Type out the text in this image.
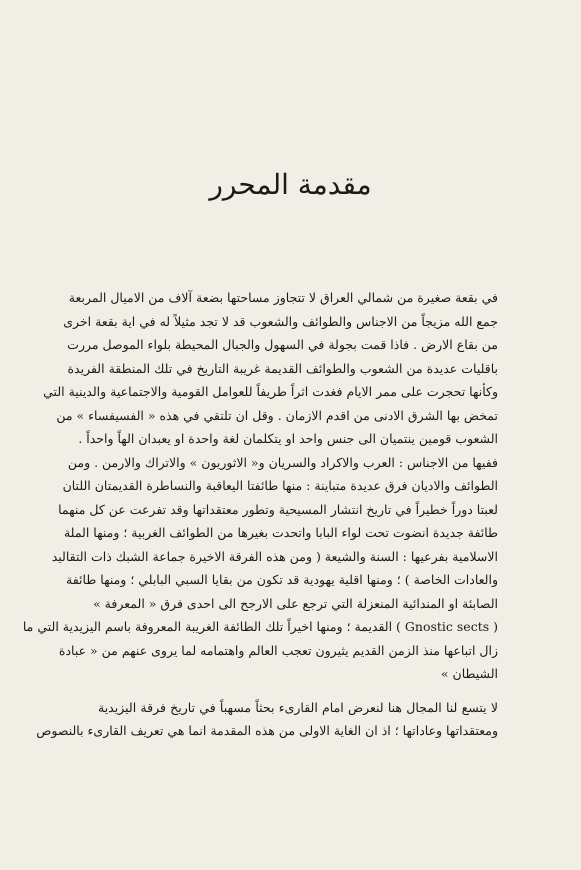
مقدمة المحرر
في بقعة صغيرة من شمالي العراق لا تتجاوز مساحتها بضعة آلاف من الاميال المربعة
جمع الله مزيجاً من الاجناس والطوائف والشعوب قد لا تجد مثيلاً له في اية بقعة اخرى
من بقاع الارض . فاذا قمت بجولة في السهول والجبال المحيطة بلواء الموصل مررت
باقليات عديدة من الشعوب والطوائف القديمة غريبة التاريخ في تلك المنطقة الفريدة
وكأنها تحجرت على ممر الايام فغدت اثراً طريفاً للعوامل القومية والاجتماعية والدينية التي
تمخض بها الشرق الادنى من اقدم الازمان . وقل ان تلتقي في هذه « الفسيفساء » من
الشعوب قومين ينتميان الى جنس واحد او يتكلمان لغة واحدة او يعبدان الهاً واحداً .
ففيها من الاجناس : العرب والاكراد والسريان و« الاثوريون » والاتراك والارمن . ومن
الطوائف والاديان فرق عديدة متباينة : منها طائفتا اليعاقبة والنساطرة القديمتان اللتان
لعبتا دوراً خطيراً في تاريخ انتشار المسيحية وتطور معتقداتها وقد تفرعت عن كل منهما
طائفة جديدة انضوت تحت لواء البابا واتحدت بغيرها من الطوائف الغربية ؛ ومنها الملة
الاسلامية بفرعيها : السنة والشيعة ( ومن هذه الفرقة الاخيرة جماعة الشبك ذات التقاليد
والعادات الخاصة ) ؛ ومنها اقلية يهودية قد تكون من بقايا السبي البابلي ؛ ومنها طائفة
الصابئة او المندائية المنعزلة التي ترجع على الارجح الى احدى فرق « المعرفة »
( Gnostic sects ) القديمة ؛ ومنها اخيراً تلك الطائفة الغريبة المعروفة باسم اليزيدية التي ما
زال اتباعها منذ الزمن القديم يثيرون تعجب العالم واهتمامه لما يروى عنهم من « عبادة
الشيطان »
لا يتسع لنا المجال هنا لنعرض امام القارىء بحثاً مسهباً في تاريخ فرقة اليزيدية
ومعتقداتها وعاداتها ؛ اذ ان الغاية الاولى من هذه المقدمة انما هي تعريف القارىء بالنصوص
